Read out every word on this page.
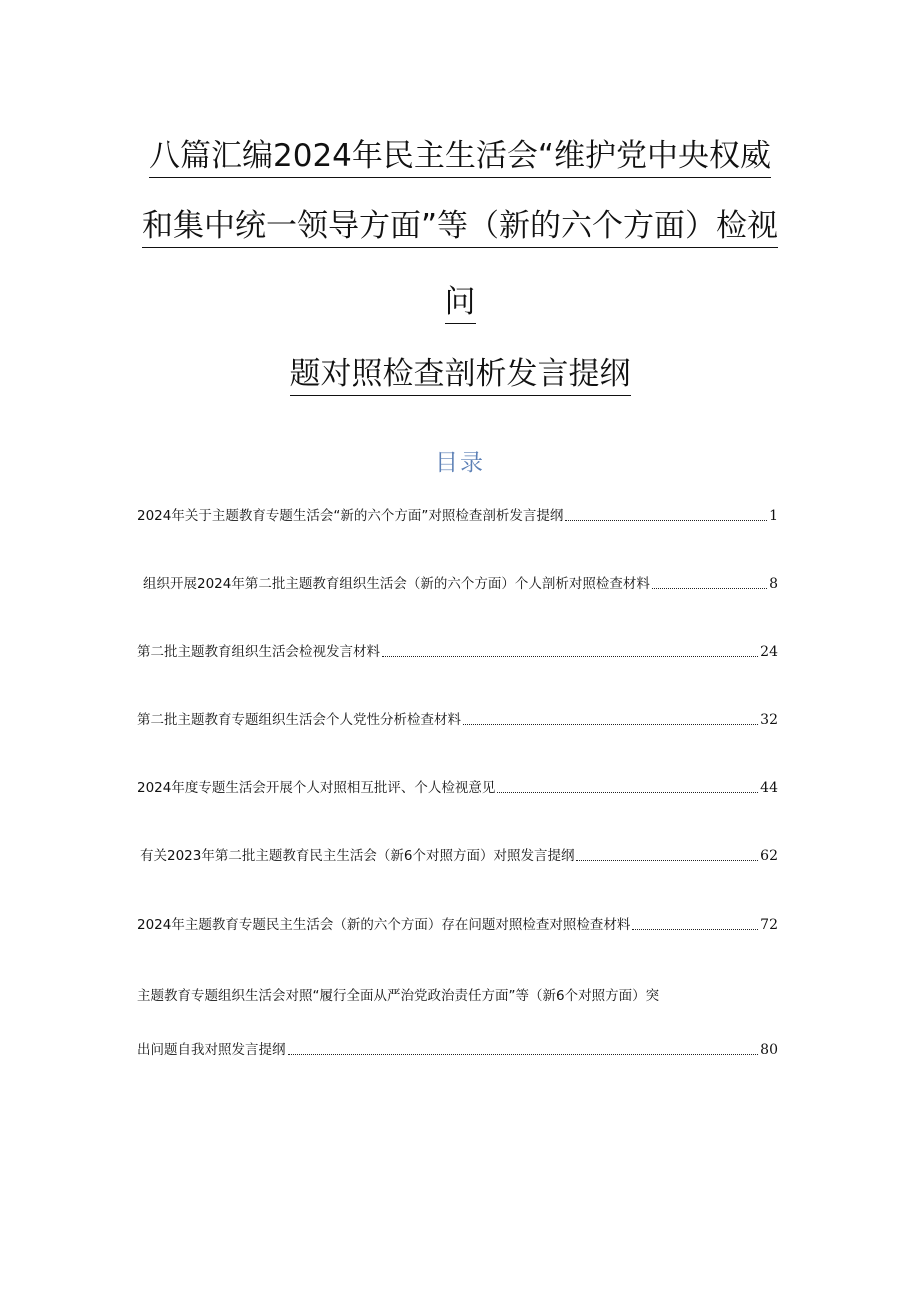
八篇汇编2024年民主生活会“维护党中央权威
和集中统一领导方面”等（新的六个方面）检视
问
题对照检查剖析发言提纲
目录
2024年关于主题教育专题生活会“新的六个方面”对照检查剖析发言提纲	1
组织开展2024年第二批主题教育组织生活会（新的六个方面）个人剖析对照检查材料	8
第二批主题教育组织生活会检视发言材料	24
第二批主题教育专题组织生活会个人党性分析检查材料	32
2024年度专题生活会开展个人对照相互批评、个人检视意见	44
有关2023年第二批主题教育民主生活会（新6个对照方面）对照发言提纲	62
2024年主题教育专题民主生活会（新的六个方面）存在问题对照检查对照检查材料	72
主题教育专题组织生活会对照“履行全面从严治党政治责任方面”等（新6个对照方面）突
出问题自我对照发言提纲	80
